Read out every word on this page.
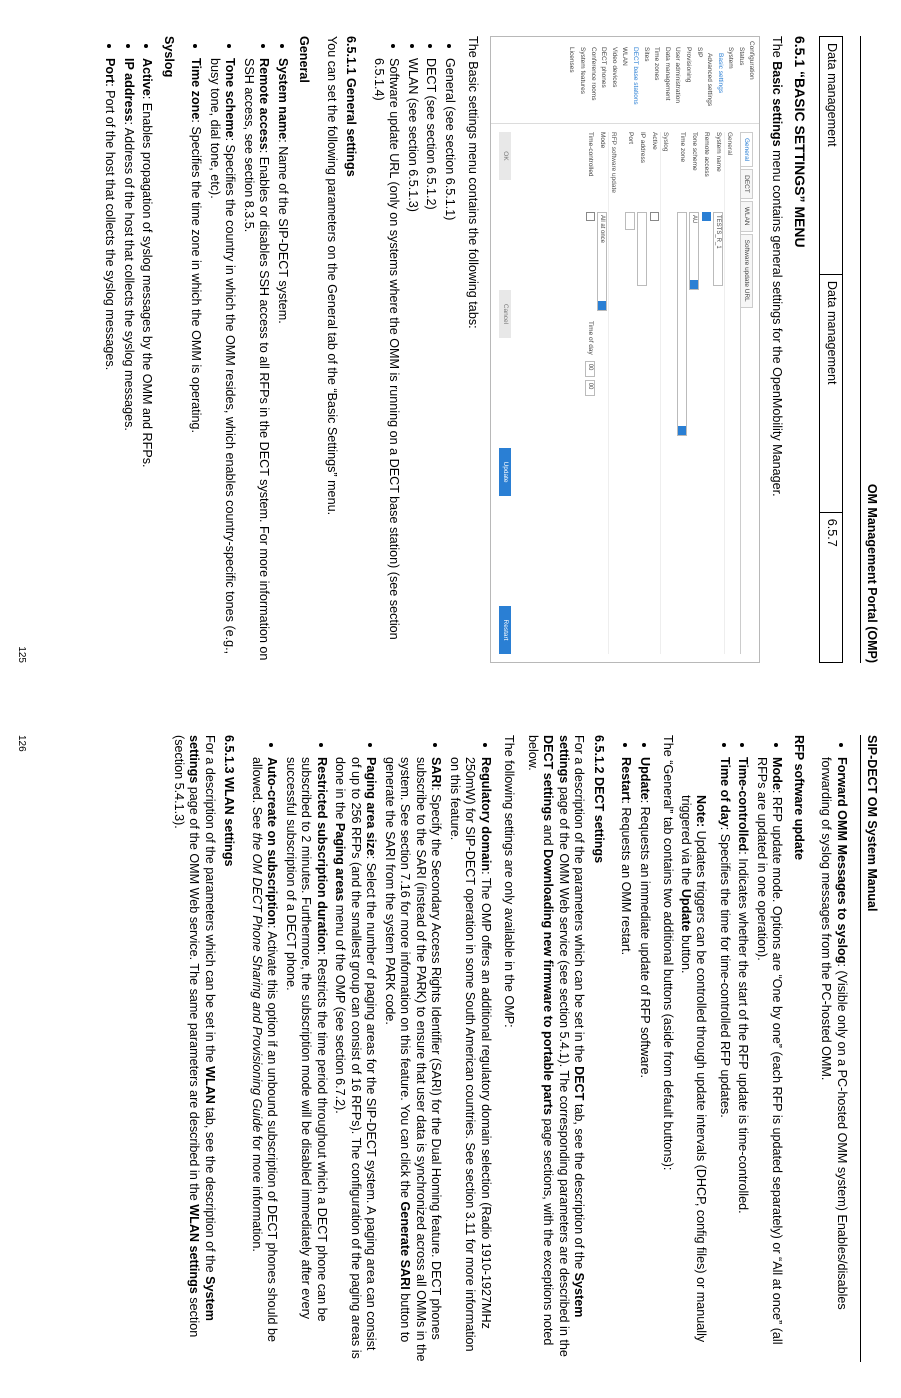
OM Management Portal (OMP)
125
Data management	Data management	6.5.7
6.5.1 “BASIC SETTINGS” MENU

The Basic settings menu contains general settings for the OpenMobility Manager.

Configuration
Status
System
Basic settings
Advanced settings
SIP
Provisioning
User administration
Data management
Time zones
Sites
DECT base stations
WLAN
Video devices
DECT phones
Conference rooms
System features
Licenses
General
DECT
WLAN
Software update URL
General
System name
TESTS_R_1
Remote access
Tone scheme
AU
Time zone
Syslog
Active
IP address
Port
RFP software update
Mode
All at once
Time-controlled
Time of day
00
00
OK
Cancel
Update
Restart

The Basic settings menu contains the following tabs:

• General (see section 6.5.1.1)
• DECT (see section 6.5.1.2)
• WLAN (see section 6.5.1.3)
• Software update URL (only on systems where the OMM is running on a DECT base station) (see section 6.5.1.4)
6.5.1.1 General settings

You can set the following parameters on the General tab of the “Basic Settings” menu.

General
• System name: Name of the SIP-DECT system.
• Remote access: Enables or disables SSH access to all RFPs in the DECT system. For more information on SSH access, see section 8.3.5.
• Tone scheme: Specifies the country in which the OMM resides, which enables country-specific tones (e.g., busy tone, dial tone, etc).
• Time zone: Specifies the time zone in which the OMM is operating.
Syslog
• Active: Enables propagation of syslog messages by the OMM and RFPs.
• IP address: Address of the host that collects the syslog messages.
• Port: Port of the host that collects the syslog messages.
SIP-DECT OM System Manual
126
• Forward OMM Messages to syslog: (Visible only on a PC-hosted OMM system) Enables/disables forwarding of syslog messages from the PC-hosted OMM.
RFP software update
• Mode: RFP update mode. Options are “One by one” (each RFP is updated separately) or “All at once” (all RFPs are updated in one operation).
• Time-controlled: Indicates whether the start of the RFP update is time-controlled.
• Time of day: Specifies the time for time-controlled RFP updates.

Note: Updates triggers can be controlled through update intervals (DHCP, config files) or manually triggered via the Update button.

The “General” tab contains two additional buttons (aside from default buttons):

• Update: Requests an immediate update of RFP software.
• Restart: Requests an OMM restart.
6.5.1.2 DECT settings

For a description of the parameters which can be set in the DECT tab, see the description of the System settings page of the OMM Web service (see section 5.4.1). The corresponding parameters are described in the DECT settings and Downloading new firmware to portable parts page sections, with the exceptions noted below.

The following settings are only available in the OMP:

• Regulatory domain: The OMP offers an additional regulatory domain selection (Radio 1910-1927MHz 250mW) for SIP-DECT operation in some South American countries. See section 3.11 for more information on this feature.
• SARI: Specify the Secondary Access Rights Identifier (SARI) for the Dual Homing feature. DECT phones subscribe to the SARI (instead of the PARK) to ensure that user data is synchronized across all OMMs in the system. See section 7.16 for more information on this feature. You can click the Generate SARI button to generate the SARI from the system PARK code.
• Paging area size: Select the number of paging areas for the SIP-DECT system. A paging area can consist of up to 256 RFPs (and the smallest group can consist of 16 RFPs). The configuration of the paging areas is done in the Paging areas menu of the OMP (see section 6.7.2).
• Restricted subscription duration: Restricts the time period throughout which a DECT phone can be subscribed to 2 minutes. Furthermore, the subscription mode will be disabled immediately after every successful subscription of a DECT phone.
• Auto-create on subscription: Activate this option if an unbound subscription of DECT phones should be allowed. See the OM DECT Phone Sharing and Provisioning Guide for more information.
6.5.1.3 WLAN settings

For a description of the parameters which can be set in the WLAN tab, see the description of the System settings page of the OMM Web service. The same parameters are described in the WLAN settings section (section 5.4.1.3).
